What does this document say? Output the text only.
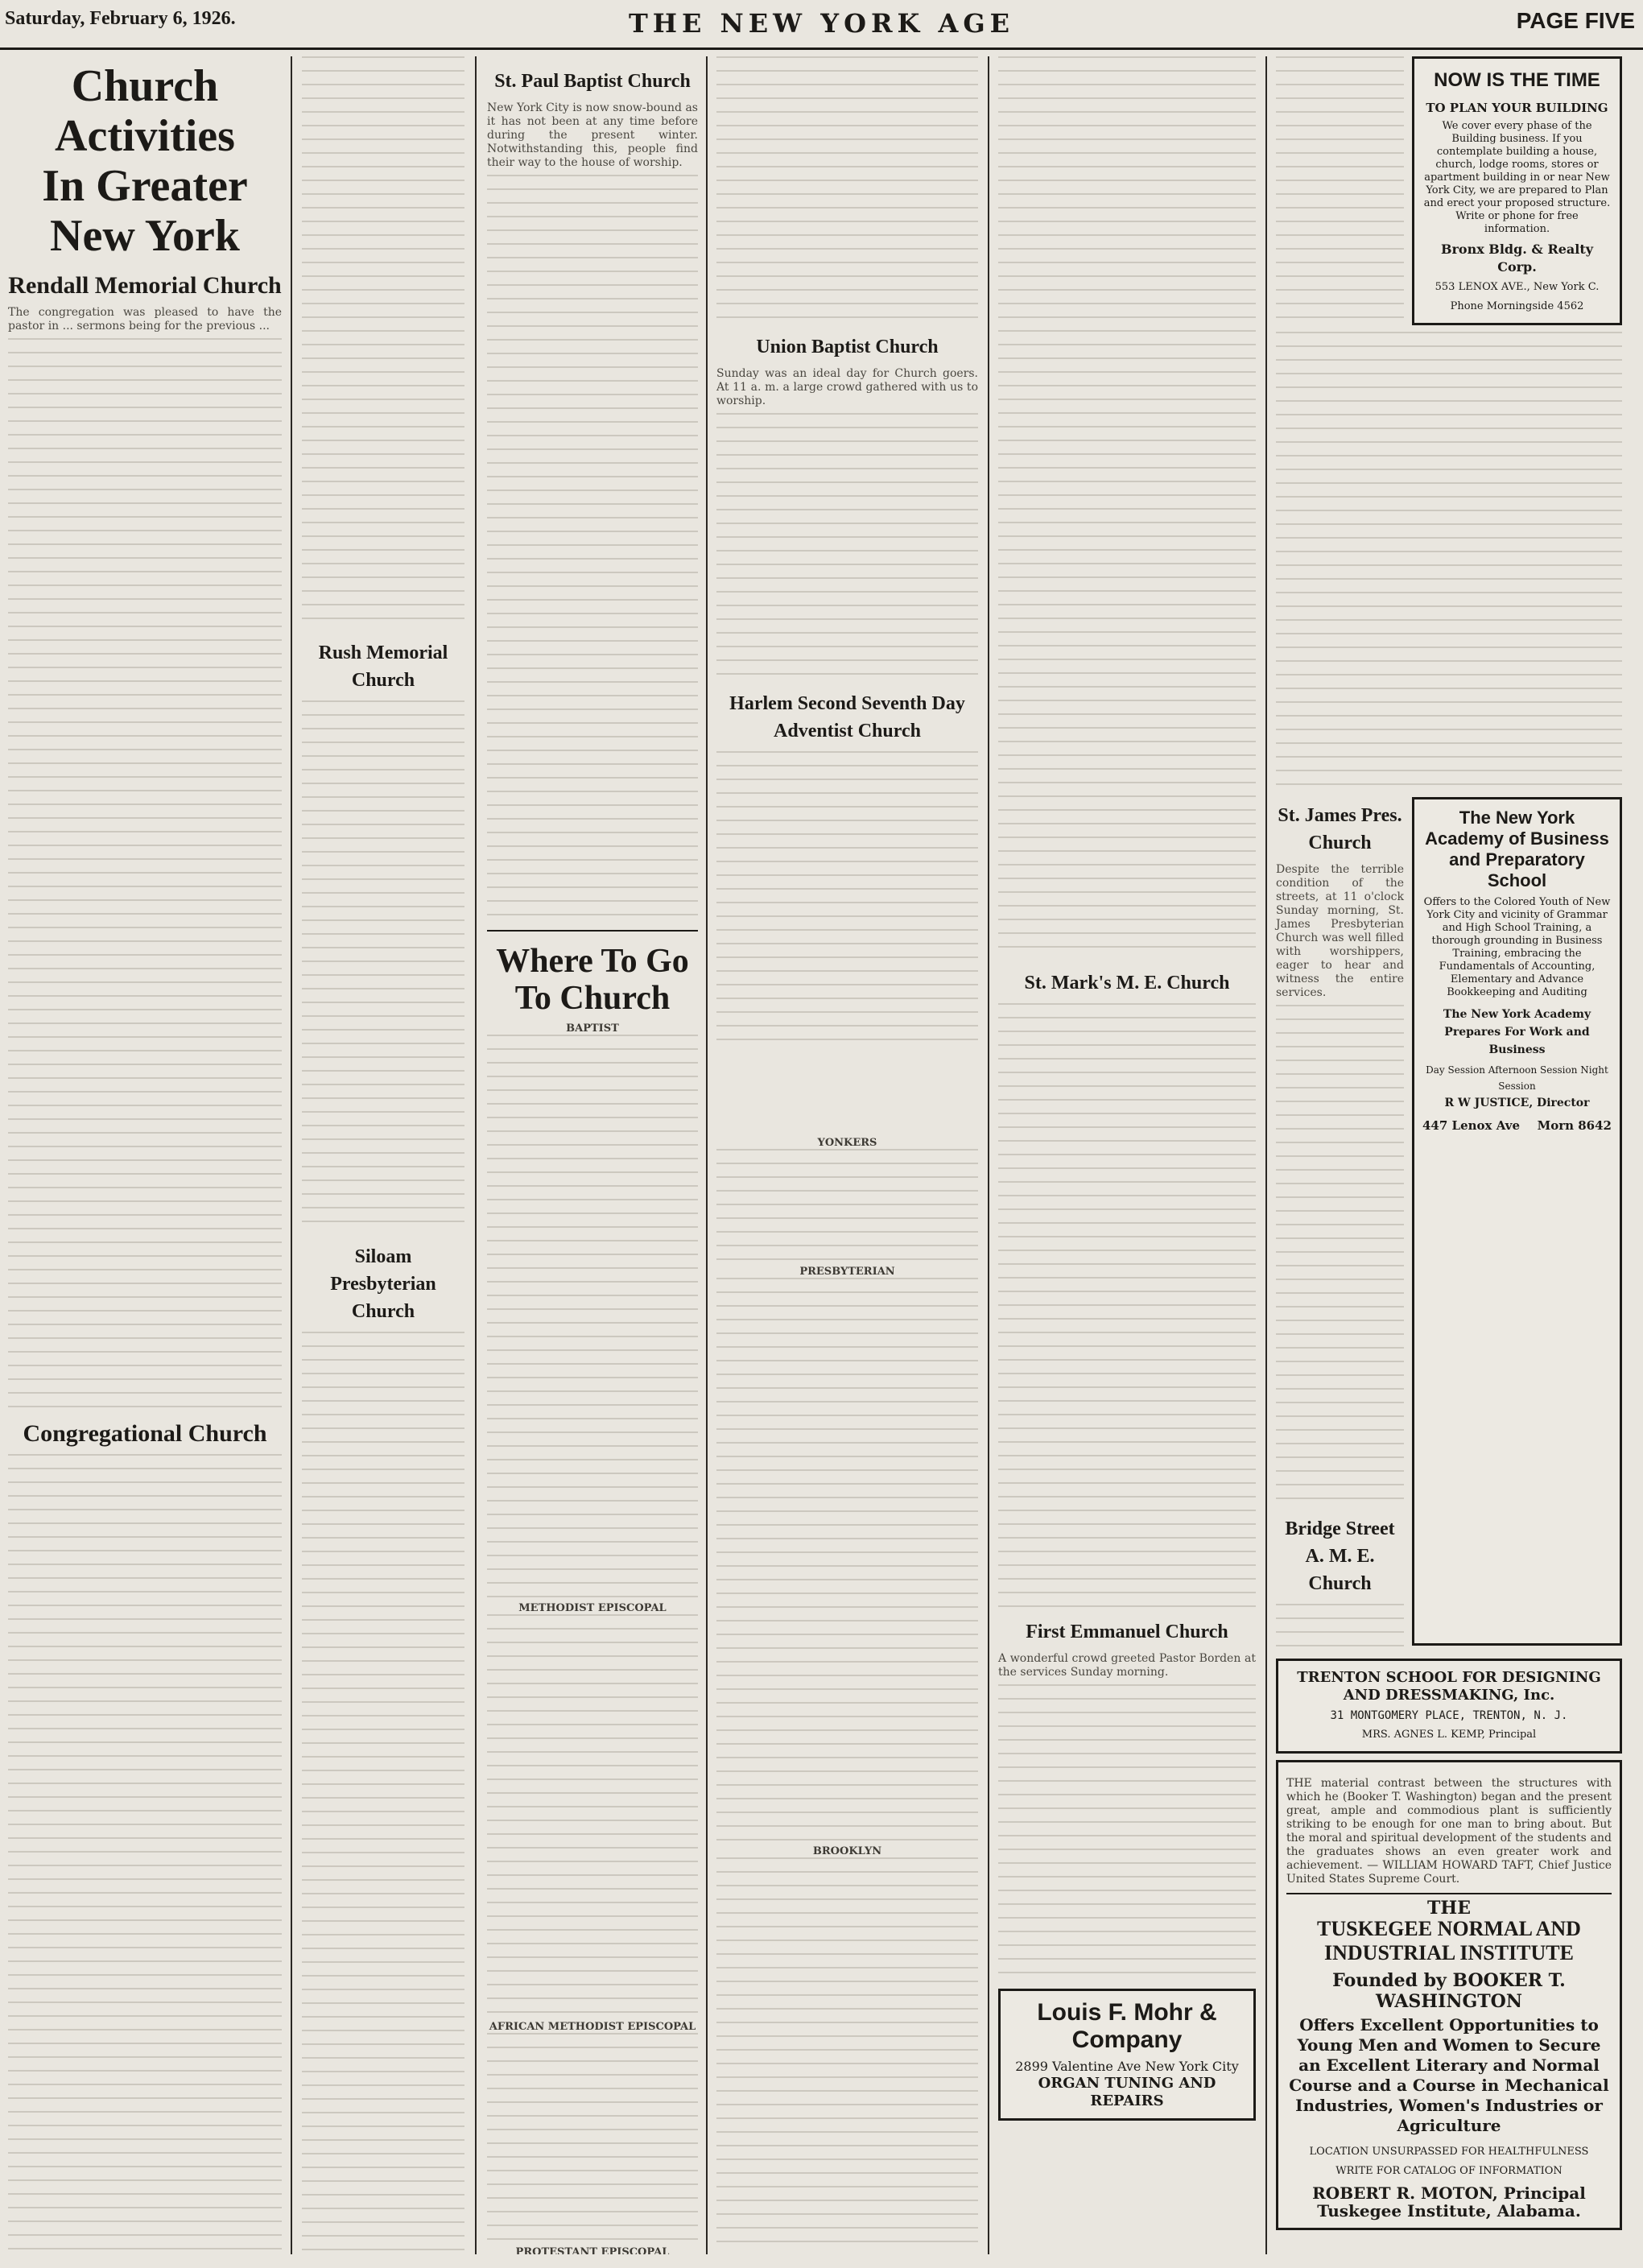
Saturday, February 6, 1926.	THE NEW YORK AGE	PAGE FIVE
Church Activities
In Greater New York
Rendall Memorial Church

The congregation was pleased to have the pastor in ... sermons being for the previous ...

Congregational Church
Rush Memorial Church
Siloam Presbyterian Church
St. Paul Baptist Church

New York City is now snow-bound as it has not been at any time before during the present winter. Notwithstanding this, people find their way to the house of worship.

Where To Go To Church
BAPTIST
METHODIST EPISCOPAL
AFRICAN METHODIST EPISCOPAL
PROTESTANT EPISCOPAL
Union Baptist Church

Sunday was an ideal day for Church goers. At 11 a. m. a large crowd gathered with us to worship.

Harlem Second Seventh Day Adventist Church
YONKERS
PRESBYTERIAN
BROOKLYN
St. Mark's M. E. Church
First Emmanuel Church

A wonderful crowd greeted Pastor Borden at the services Sunday morning.

Louis F. Mohr & Company
2899 Valentine Ave New York City
ORGAN TUNING AND REPAIRS
NOW IS THE TIME
TO PLAN YOUR BUILDING
We cover every phase of the Building business. If you contemplate building a house, church, lodge rooms, stores or apartment building in or near New York City, we are prepared to Plan and erect your proposed structure. Write or phone for free information.
Bronx Bldg. & Realty Corp.
553 LENOX AVE., New York C.
Phone Morningside 4562
St. James Pres. Church

Despite the terrible condition of the streets, at 11 o'clock Sunday morning, St. James Presbyterian Church was well filled with worshippers, eager to hear and witness the entire services.

Bridge Street A. M. E. Church
The New York Academy of Business and Preparatory School
Offers to the Colored Youth of New York City and vicinity of Grammar and High School Training, a thorough grounding in Business Training, embracing the Fundamentals of Accounting, Elementary and Advance Bookkeeping and Auditing
The New York Academy Prepares For Work and Business
Day Session Afternoon Session Night Session
R W JUSTICE, Director
447 Lenox Ave Morn 8642
TRENTON SCHOOL FOR DESIGNING AND DRESSMAKING, Inc.
31 MONTGOMERY PLACE, TRENTON, N. J.
MRS. AGNES L. KEMP, Principal
THE material contrast between the structures with which he (Booker T. Washington) began and the present great, ample and commodious plant is sufficiently striking to be enough for one man to bring about. But the moral and spiritual development of the students and the graduates shows an even greater work and achievement. — WILLIAM HOWARD TAFT, Chief Justice United States Supreme Court.
THE
TUSKEGEE NORMAL AND INDUSTRIAL INSTITUTE
Founded by BOOKER T. WASHINGTON
Offers Excellent Opportunities to Young Men and Women to Secure an Excellent Literary and Normal Course and a Course in Mechanical Industries, Women's Industries or Agriculture
LOCATION UNSURPASSED FOR HEALTHFULNESS
WRITE FOR CATALOG OF INFORMATION
ROBERT R. MOTON, Principal
Tuskegee Institute, Alabama.
